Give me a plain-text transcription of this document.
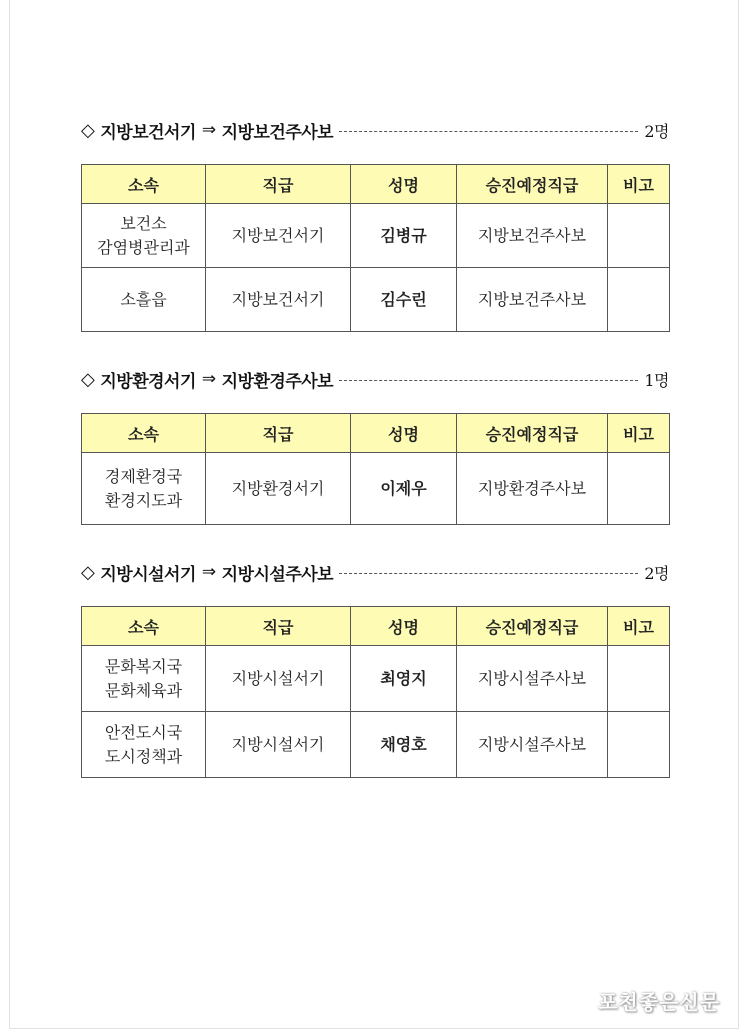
◇ 지방보건서기 ⇒ 지방보건주사보	2명
소속	직급	성명	승진예정직급	비고

보건소
감염병관리과	지방보건서기	김병규	지방보건주사보	

소흘읍	지방보건서기	김수린	지방보건주사보	
◇ 지방환경서기 ⇒ 지방환경주사보	1명
소속	직급	성명	승진예정직급	비고

경제환경국
환경지도과	지방환경서기	이제우	지방환경주사보	
◇ 지방시설서기 ⇒ 지방시설주사보	2명
소속	직급	성명	승진예정직급	비고

문화복지국
문화체육과	지방시설서기	최영지	지방시설주사보	

안전도시국
도시정책과	지방시설서기	채영호	지방시설주사보	
포천좋은신문
